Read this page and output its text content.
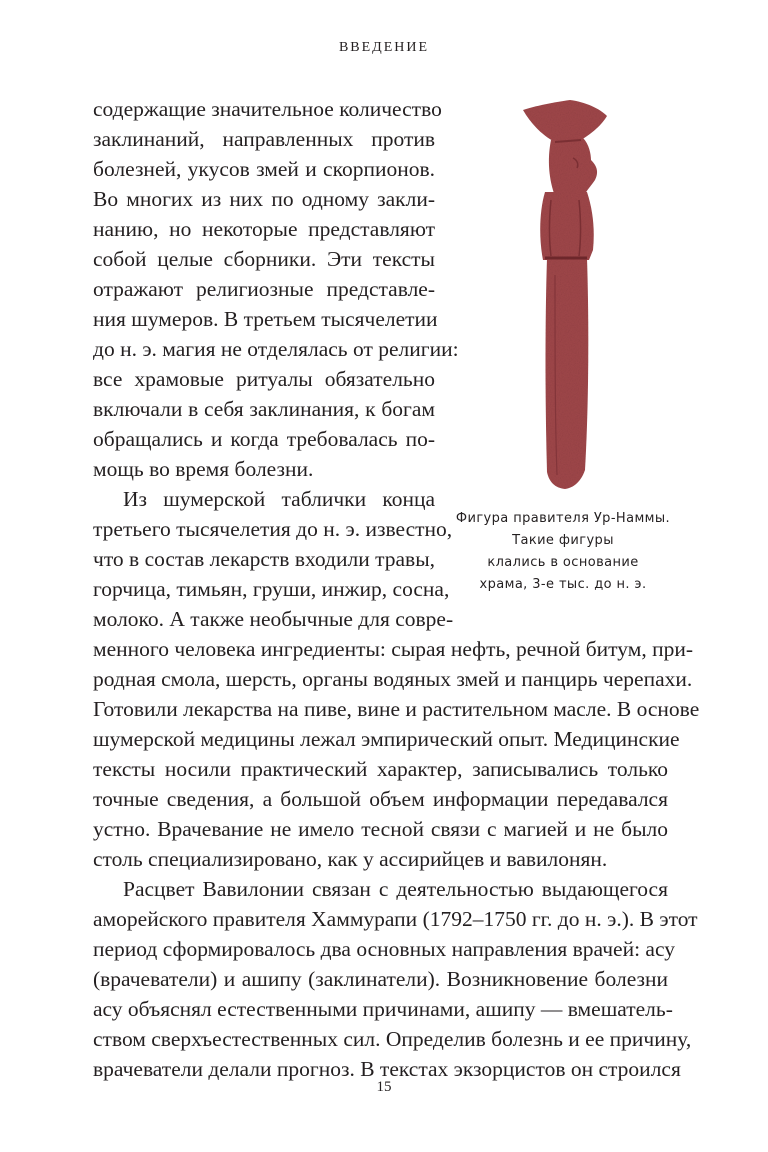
ВВЕДЕНИЕ
содержащие значительное количество
заклинаний, направленных против
болезней, укусов змей и скорпионов.
Во многих из них по одному закли-
нанию, но некоторые представляют
собой целые сборники. Эти тексты
отражают религиозные представле-
ния шумеров. В третьем тысячелетии
до н. э. магия не отделялась от религии:
все храмовые ритуалы обязательно
включали в себя заклинания, к богам
обращались и когда требовалась по-
мощь во время болезни.
Из шумерской таблички конца
третьего тысячелетия до н. э. известно,
что в состав лекарств входили травы,
горчица, тимьян, груши, инжир, сосна,
молоко. А также необычные для совре-
менного человека ингредиенты: сырая нефть, речной битум, при-
родная смола, шерсть, органы водяных змей и панцирь черепахи.
Готовили лекарства на пиве, вине и растительном масле. В основе
шумерской медицины лежал эмпирический опыт. Медицинские
тексты носили практический характер, записывались только
точные сведения, а большой объем информации передавался
устно. Врачевание не имело тесной связи с магией и не было
столь специализировано, как у ассирийцев и вавилонян.
Расцвет Вавилонии связан с деятельностью выдающегося
аморейского правителя Хаммурапи (1792–1750 гг. до н. э.). В этот
период сформировалось два основных направления врачей: асу
(врачеватели) и ашипу (заклинатели). Возникновение болезни
асу объяснял естественными причинами, ашипу — вмешатель-
ством сверхъестественных сил. Определив болезнь и ее причину,
врачеватели делали прогноз. В текстах экзорцистов он строился
Фигура правителя Ур-Наммы.
Такие фигуры
клались в основание
храма, 3-е тыс. до н. э.
15
